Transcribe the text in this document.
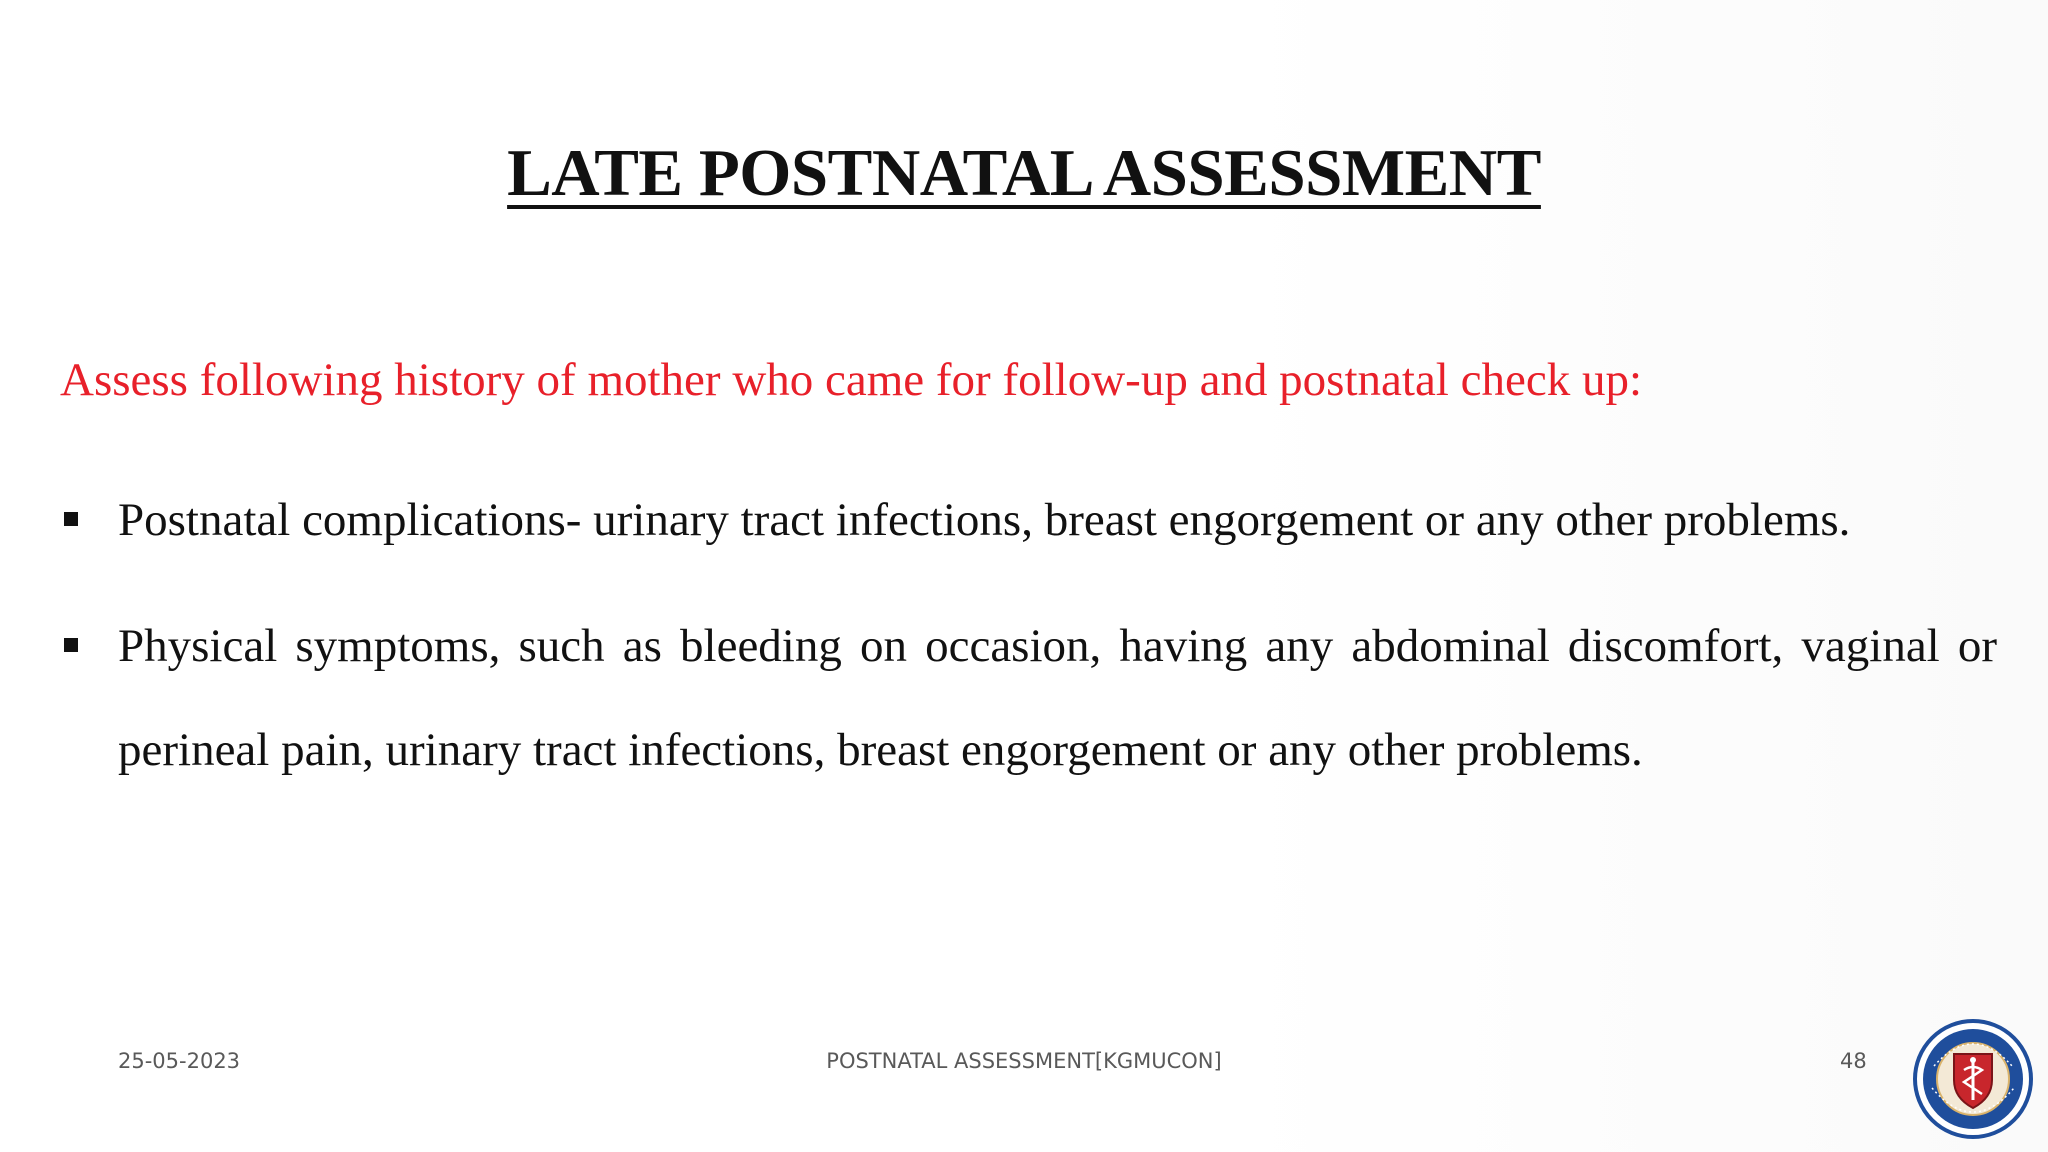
LATE POSTNATAL ASSESSMENT
Assess following history of mother who came for follow-up and postnatal check up:
Postnatal complications- urinary tract infections, breast engorgement or any other problems.
Physical symptoms, such as bleeding on occasion, having any abdominal discomfort, vaginal or perineal pain, urinary tract infections, breast engorgement or any other problems.
25-05-2023	POSTNATAL ASSESSMENT[KGMUCON]	48
